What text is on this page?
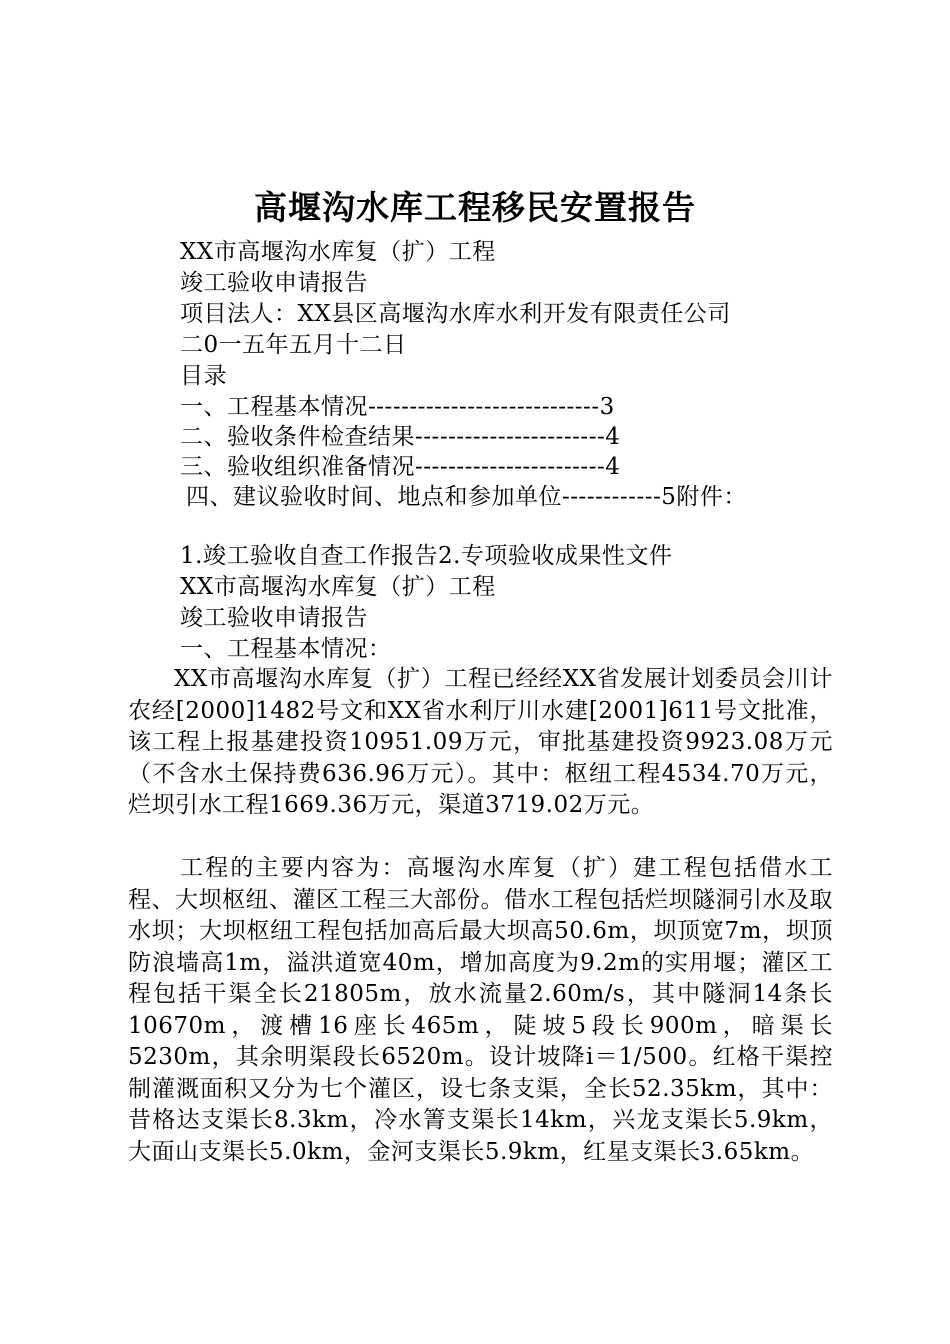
高堰沟水库工程移民安置报告
XX市高堰沟水库复（扩）工程
竣工验收申请报告
项目法人：XX县区高堰沟水库水利开发有限责任公司
二0一五年五月十二日
目录
一、工程基本情况----------------------------3
二、验收条件检查结果-----------------------4
三、验收组织准备情况-----------------------4
四、建议验收时间、地点和参加单位------------5附件：
1.竣工验收自查工作报告2.专项验收成果性文件
XX市高堰沟水库复（扩）工程
竣工验收申请报告
一、工程基本情况：
XX市高堰沟水库复（扩）工程已经经XX省发展计划委员会川计农经[2000]1482号文和XX省水利厅川水建[2001]611号文批准，该工程上报基建投资10951.09万元，审批基建投资9923.08万元（不含水土保持费636.96万元）。其中：枢纽工程4534.70万元，烂坝引水工程1669.36万元，渠道3719.02万元。
工程的主要内容为：高堰沟水库复（扩）建工程包括借水工程、大坝枢纽、灌区工程三大部份。借水工程包括烂坝隧洞引水及取水坝；大坝枢纽工程包括加高后最大坝高50.6m，坝顶宽7m，坝顶防浪墙高1m，溢洪道宽40m，增加高度为9.2m的实用堰；灌区工程包括干渠全长21805m，放水流量2.60m/s，其中隧洞14条长10670m，渡槽16座长465m，陡坡5段长900m，暗渠长5230m，其余明渠段长6520m。设计坡降i＝1/500。红格干渠控制灌溉面积又分为七个灌区，设七条支渠，全长52.35km，其中：昔格达支渠长8.3km，冷水箐支渠长14km，兴龙支渠长5.9km，大面山支渠长5.0km，金河支渠长5.9km，红星支渠长3.65km。
